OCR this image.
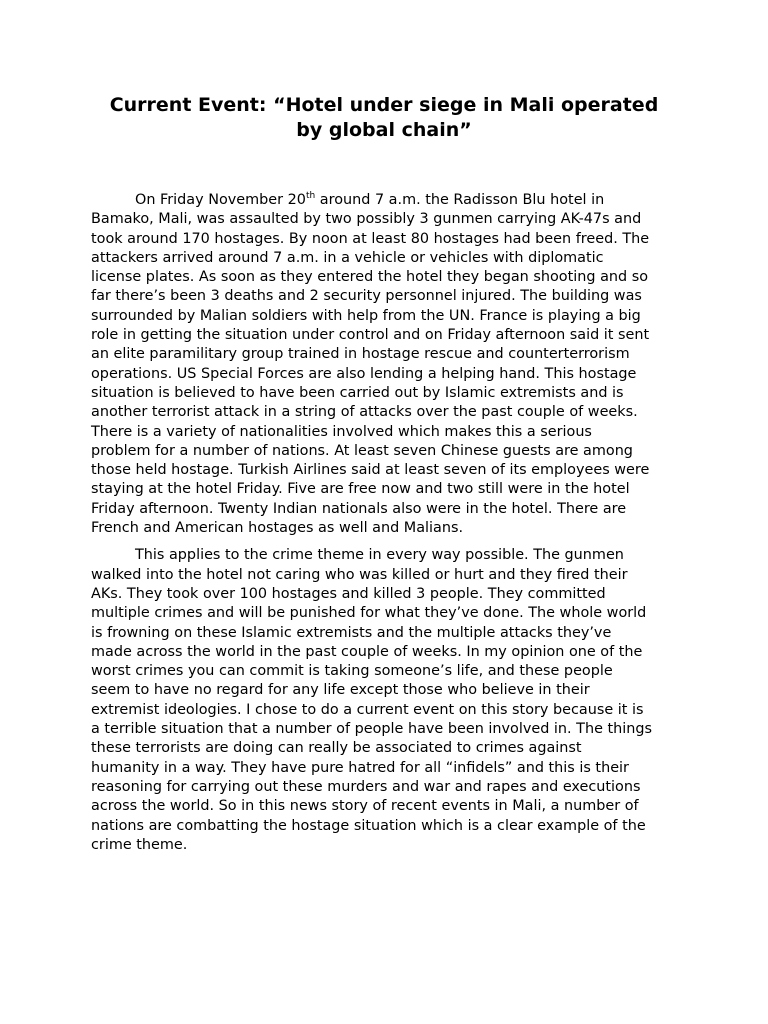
Current Event: “Hotel under siege in Mali operated
by global chain”

On Friday November 20th around 7 a.m. the Radisson Blu hotel in
Bamako, Mali, was assaulted by two possibly 3 gunmen carrying AK-47s and
took around 170 hostages. By noon at least 80 hostages had been freed. The
attackers arrived around 7 a.m. in a vehicle or vehicles with diplomatic
license plates. As soon as they entered the hotel they began shooting and so
far there’s been 3 deaths and 2 security personnel injured. The building was
surrounded by Malian soldiers with help from the UN. France is playing a big
role in getting the situation under control and on Friday afternoon said it sent
an elite paramilitary group trained in hostage rescue and counterterrorism
operations. US Special Forces are also lending a helping hand. This hostage
situation is believed to have been carried out by Islamic extremists and is
another terrorist attack in a string of attacks over the past couple of weeks.
There is a variety of nationalities involved which makes this a serious
problem for a number of nations. At least seven Chinese guests are among
those held hostage. Turkish Airlines said at least seven of its employees were
staying at the hotel Friday. Five are free now and two still were in the hotel
Friday afternoon. Twenty Indian nationals also were in the hotel. There are
French and American hostages as well and Malians.

This applies to the crime theme in every way possible. The gunmen
walked into the hotel not caring who was killed or hurt and they fired their
AKs. They took over 100 hostages and killed 3 people. They committed
multiple crimes and will be punished for what they’ve done. The whole world
is frowning on these Islamic extremists and the multiple attacks they’ve
made across the world in the past couple of weeks. In my opinion one of the
worst crimes you can commit is taking someone’s life, and these people
seem to have no regard for any life except those who believe in their
extremist ideologies. I chose to do a current event on this story because it is
a terrible situation that a number of people have been involved in. The things
these terrorists are doing can really be associated to crimes against
humanity in a way. They have pure hatred for all “infidels” and this is their
reasoning for carrying out these murders and war and rapes and executions
across the world. So in this news story of recent events in Mali, a number of
nations are combatting the hostage situation which is a clear example of the
crime theme.
